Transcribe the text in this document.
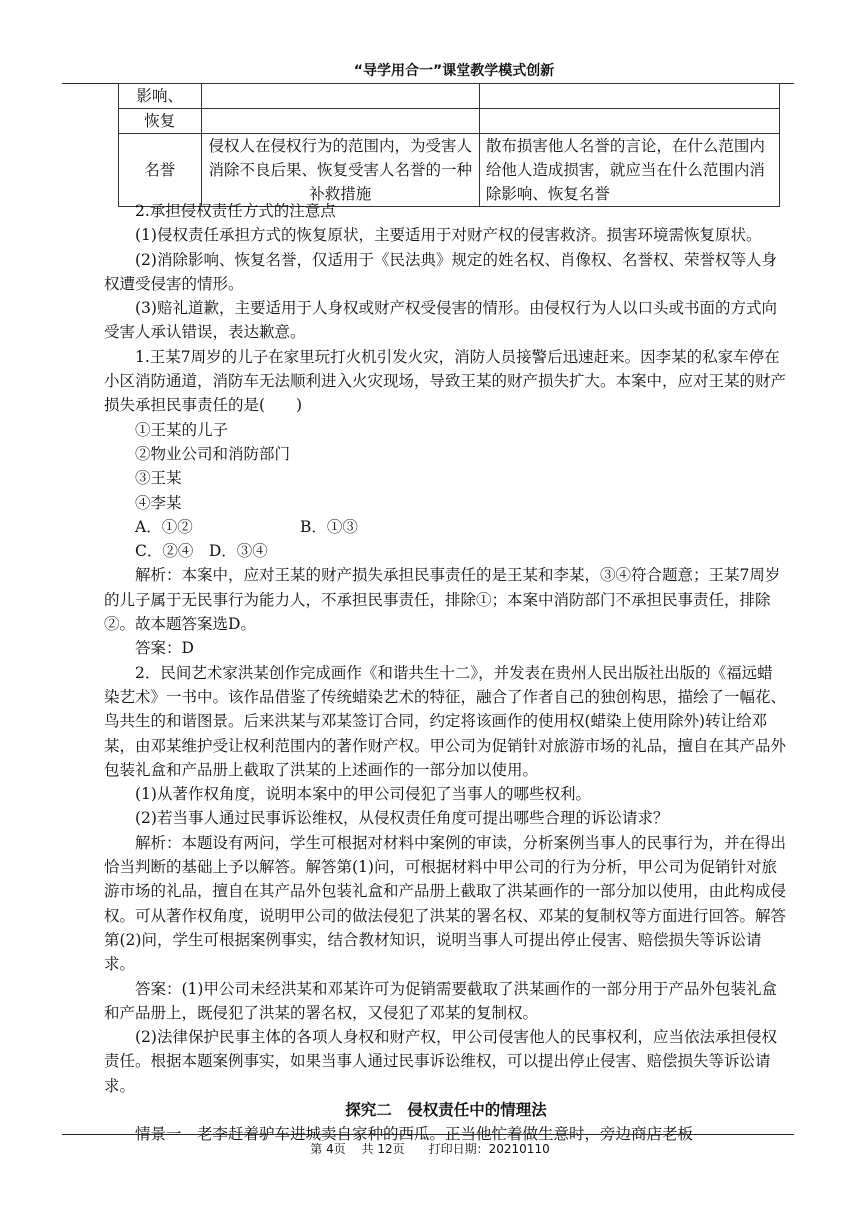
“导学用合一”课堂教学模式创新
影响、		
恢复		
名誉	侵权人在侵权行为的范围内，为受害人消除不良后果、恢复受害人名誉的一种补救措施	散布损害他人名誉的言论，在什么范围内给他人造成损害，就应当在什么范围内消除影响、恢复名誉

2.承担侵权责任方式的注意点

(1)侵权责任承担方式的恢复原状，主要适用于对财产权的侵害救济。损害环境需恢复原状。

(2)消除影响、恢复名誉，仅适用于《民法典》规定的姓名权、肖像权、名誉权、荣誉权等人身权遭受侵害的情形。

(3)赔礼道歉，主要适用于人身权或财产权受侵害的情形。由侵权行为人以口头或书面的方式向受害人承认错误，表达歉意。

1.王某7周岁的儿子在家里玩打火机引发火灾，消防人员接警后迅速赶来。因李某的私家车停在小区消防通道，消防车无法顺利进入火灾现场，导致王某的财产损失扩大。本案中，应对王某的财产损失承担民事责任的是(　　)

①王某的儿子

②物业公司和消防部门

③王某

④李某

A．①②	B．①③

C．②④　D．③④

解析：本案中，应对王某的财产损失承担民事责任的是王某和李某，③④符合题意；王某7周岁的儿子属于无民事行为能力人，不承担民事责任，排除①；本案中消防部门不承担民事责任，排除②。故本题答案选D。

答案：D

2．民间艺术家洪某创作完成画作《和谐共生十二》，并发表在贵州人民出版社出版的《福远蜡染艺术》一书中。该作品借鉴了传统蜡染艺术的特征，融合了作者自己的独创构思，描绘了一幅花、鸟共生的和谐图景。后来洪某与邓某签订合同，约定将该画作的使用权(蜡染上使用除外)转让给邓某，由邓某维护受让权利范围内的著作财产权。甲公司为促销针对旅游市场的礼品，擅自在其产品外包装礼盒和产品册上截取了洪某的上述画作的一部分加以使用。

(1)从著作权角度，说明本案中的甲公司侵犯了当事人的哪些权利。

(2)若当事人通过民事诉讼维权，从侵权责任角度可提出哪些合理的诉讼请求？

解析：本题设有两问，学生可根据对材料中案例的审读，分析案例当事人的民事行为，并在得出恰当判断的基础上予以解答。解答第(1)问，可根据材料中甲公司的行为分析，甲公司为促销针对旅游市场的礼品，擅自在其产品外包装礼盒和产品册上截取了洪某画作的一部分加以使用，由此构成侵权。可从著作权角度，说明甲公司的做法侵犯了洪某的署名权、邓某的复制权等方面进行回答。解答第(2)问，学生可根据案例事实，结合教材知识，说明当事人可提出停止侵害、赔偿损失等诉讼请求。

答案：(1)甲公司未经洪某和邓某许可为促销需要截取了洪某画作的一部分用于产品外包装礼盒和产品册上，既侵犯了洪某的署名权，又侵犯了邓某的复制权。

(2)法律保护民事主体的各项人身权和财产权，甲公司侵害他人的民事权利，应当依法承担侵权责任。根据本题案例事实，如果当事人通过民事诉讼维权，可以提出停止侵害、赔偿损失等诉讼请求。

探究二　侵权责任中的情理法

情景一　老李赶着驴车进城卖自家种的西瓜。正当他忙着做生意时，旁边商店老板

第 4页　 共 12页　　打印日期：20210110
